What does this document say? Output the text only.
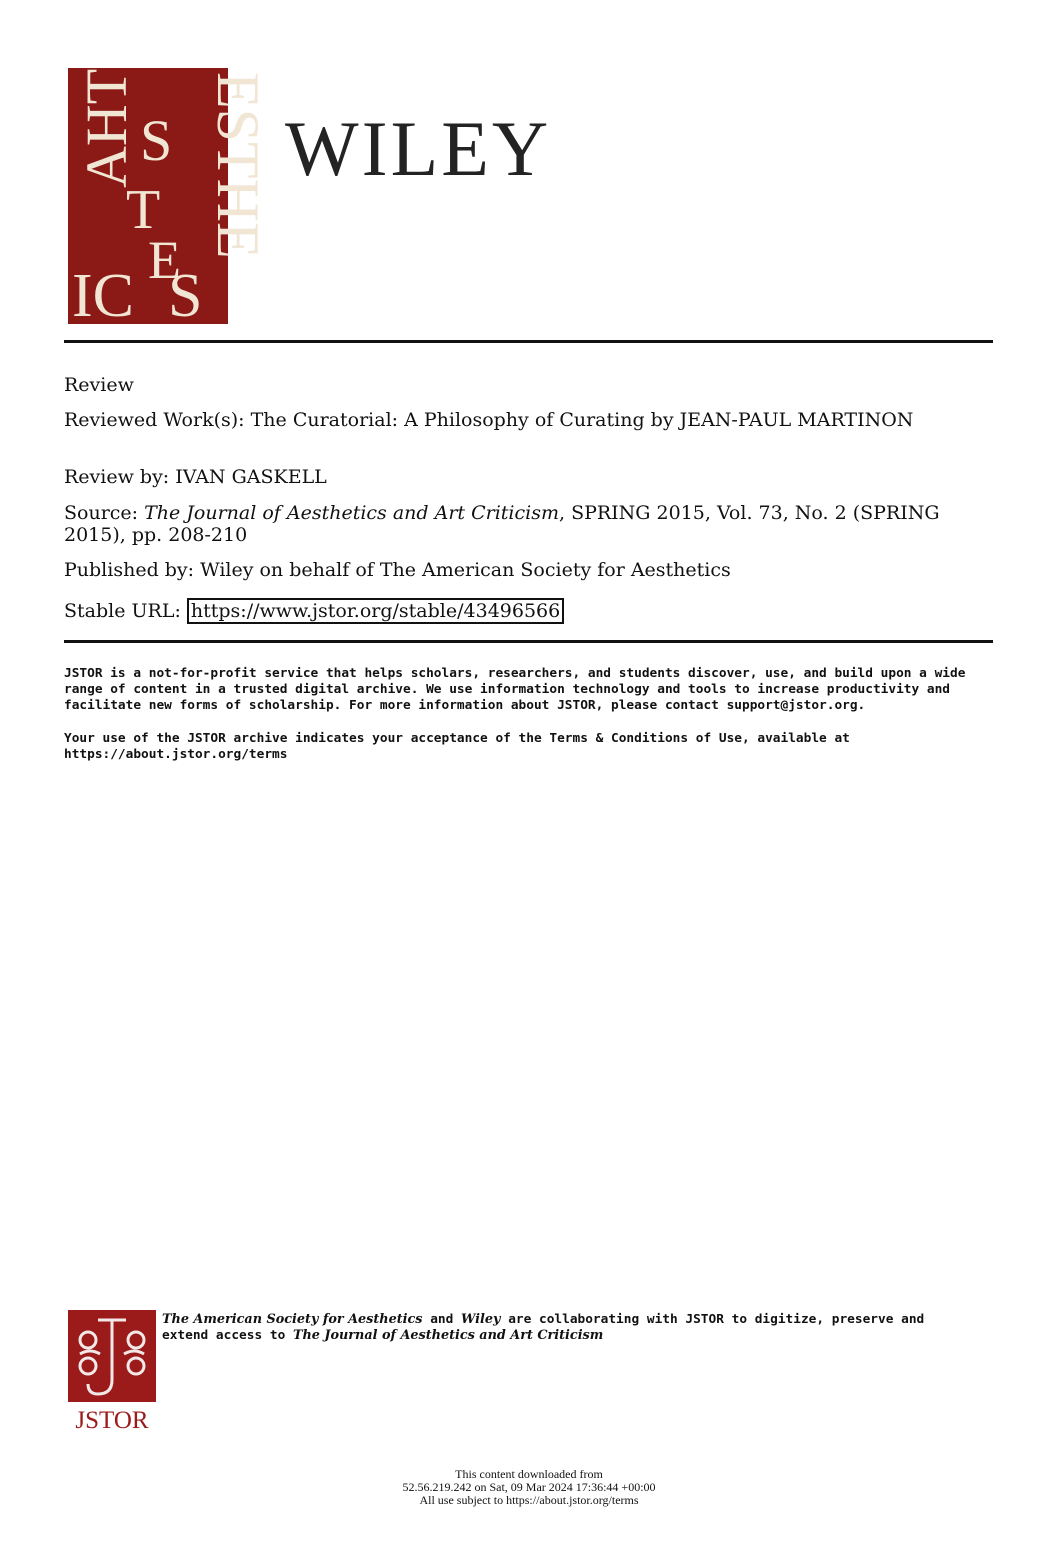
ESTHE
S
T
E
AHT
IC S
WILEY
Review
Reviewed Work(s): The Curatorial: A Philosophy of Curating by JEAN-PAUL MARTINON
Review by: IVAN GASKELL
Source: The Journal of Aesthetics and Art Criticism, SPRING 2015, Vol. 73, No. 2 (SPRING 2015), pp. 208-210
Published by: Wiley on behalf of The American Society for Aesthetics
Stable URL: https://www.jstor.org/stable/43496566
JSTOR is a not-for-profit service that helps scholars, researchers, and students discover, use, and build upon a wide range of content in a trusted digital archive. We use information technology and tools to increase productivity and facilitate new forms of scholarship. For more information about JSTOR, please contact support@jstor.org.
Your use of the JSTOR archive indicates your acceptance of the Terms & Conditions of Use, available at https://about.jstor.org/terms
JSTOR
The American Society for Aesthetics and Wiley are collaborating with JSTOR to digitize, preserve and extend access to The Journal of Aesthetics and Art Criticism
This content downloaded from
52.56.219.242 on Sat, 09 Mar 2024 17:36:44 +00:00
All use subject to https://about.jstor.org/terms
